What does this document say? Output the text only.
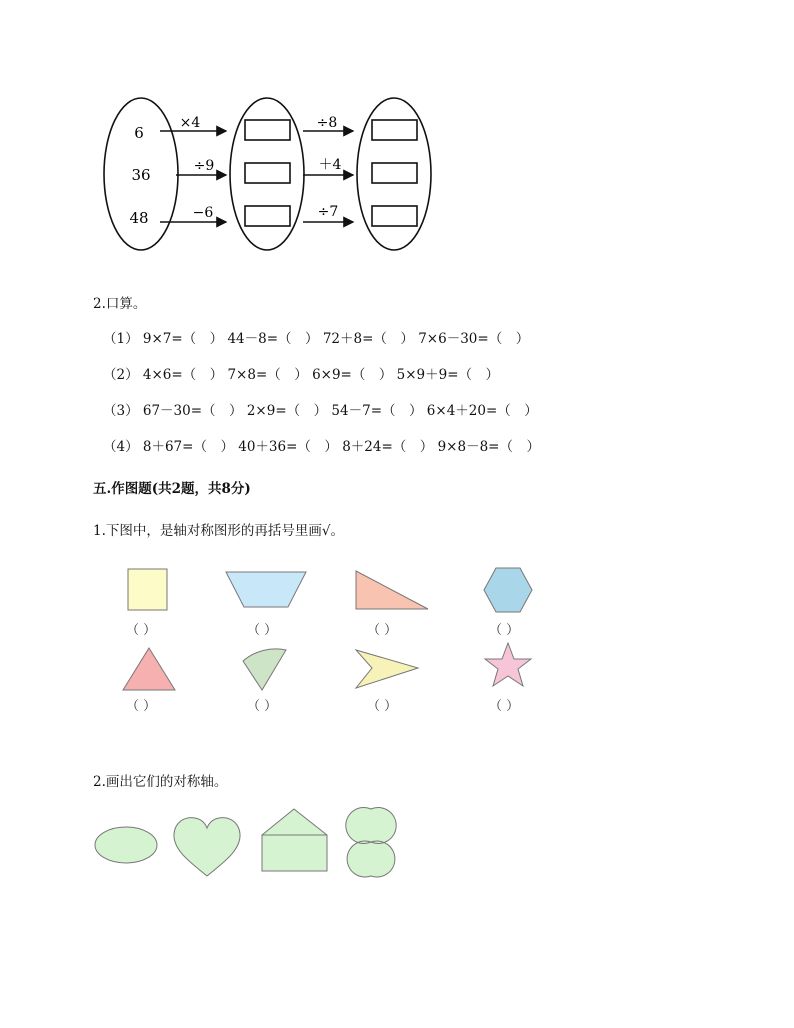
6
36
48
×4
÷9
−6
÷8
＋4
÷7
2.口算。
（1） 9×7=（　） 44－8=（　） 72＋8=（　） 7×6－30=（　）
（2） 4×6=（　） 7×8=（　） 6×9=（　） 5×9＋9=（　）
（3） 67－30=（　） 2×9=（　） 54－7=（　） 6×4＋20=（　）
（4） 8＋67=（　） 40＋36=（　） 8＋24=（　） 9×8－8=（　）
五.作图题(共2题，共8分)
1.下图中，是轴对称图形的再括号里画√。
（ ）	（ ）	（ ）	（ ）
（ ）	（ ）	（ ）	（ ）
2.画出它们的对称轴。
